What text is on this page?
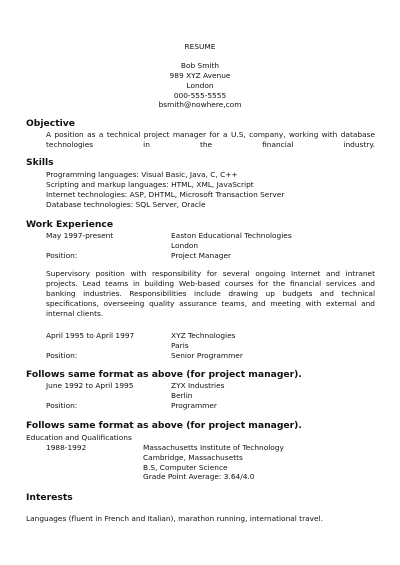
RESUME
Bob Smith
989 XYZ Avenue
London
000-555-5555
bsmith@nowhere,com
Objective
A position as a technical project manager for a U.S, company, working with database technologies in the financial industry.
Skills
Programming languages: Visual Basic, Java, C, C++
Scripting and markup languages: HTML, XML, JavaScript
Internet technologies: ASP, DHTML, Microsoft Transaction Server
Database technologies: SQL Server, Oracle
Work Experience
May 1997-present	Easton Educational Technologies
London
Position:	Project Manager
Supervisory position with responsibility for several ongoing Internet and intranet projects. Lead teams in building Web-based courses for the financial services and banking industries. Responsibilities include drawing up budgets and technical specifications, overseeing quality assurance teams, and meeting with external and internal clients.
April 1995 to April 1997	XYZ Technologies
Paris
Position:	Senior Programmer
Follows same format as above (for project manager).
June 1992 to April 1995	ZYX Industries
Berlin
Position:	Programmer
Follows same format as above (for project manager).
Education and Qualifications
1988-1992	Massachusetts Institute of Technology
Cambridge, Massachusetts
B.S, Computer Science
Grade Point Average: 3.64/4.0
Interests
Languages (fluent in French and Italian), marathon running, international travel.
